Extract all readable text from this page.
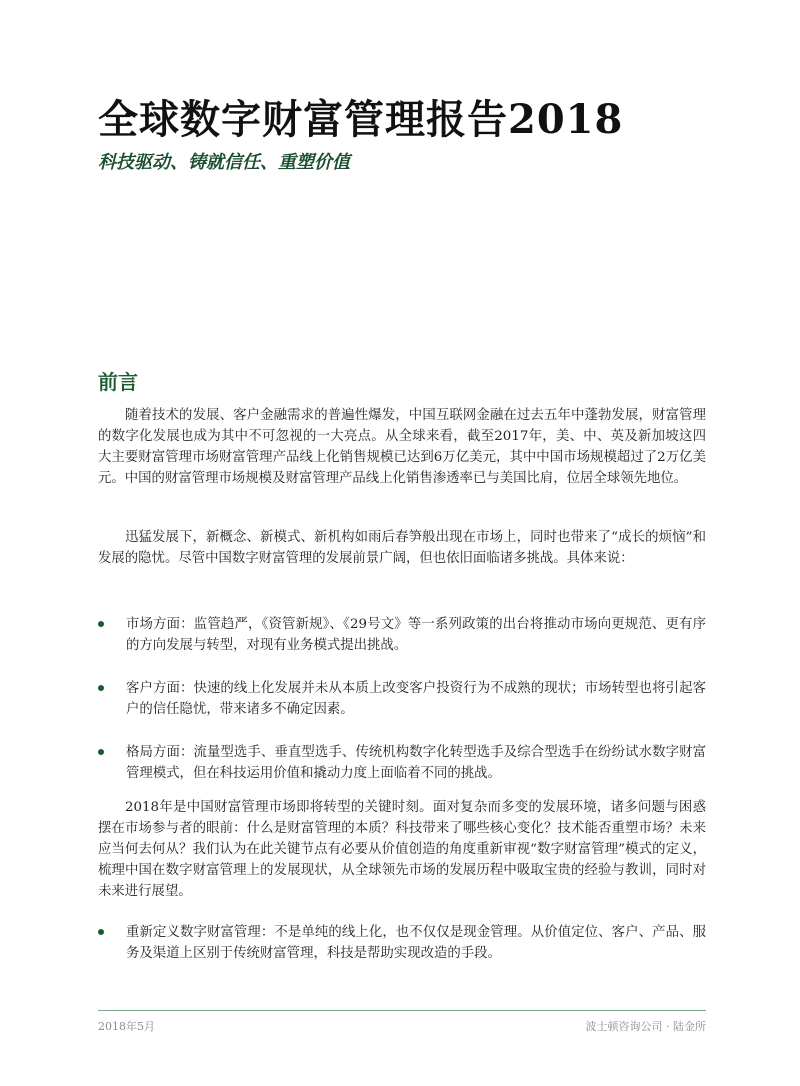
全球数字财富管理报告2018
科技驱动、铸就信任、重塑价值
前言

随着技术的发展、客户金融需求的普遍性爆发，中国互联网金融在过去五年中蓬勃发展，财富管理的数字化发展也成为其中不可忽视的一大亮点。从全球来看，截至2017年，美、中、英及新加坡这四大主要财富管理市场财富管理产品线上化销售规模已达到6万亿美元，其中中国市场规模超过了2万亿美元。中国的财富管理市场规模及财富管理产品线上化销售渗透率已与美国比肩，位居全球领先地位。

迅猛发展下，新概念、新模式、新机构如雨后春笋般出现在市场上，同时也带来了“成长的烦恼”和发展的隐忧。尽管中国数字财富管理的发展前景广阔，但也依旧面临诸多挑战。具体来说：

市场方面：监管趋严，《资管新规》、《29号文》等一系列政策的出台将推动市场向更规范、更有序的方向发展与转型，对现有业务模式提出挑战。
客户方面：快速的线上化发展并未从本质上改变客户投资行为不成熟的现状；市场转型也将引起客户的信任隐忧，带来诸多不确定因素。
格局方面：流量型选手、垂直型选手、传统机构数字化转型选手及综合型选手在纷纷试水数字财富管理模式，但在科技运用价值和撬动力度上面临着不同的挑战。

2018年是中国财富管理市场即将转型的关键时刻。面对复杂而多变的发展环境，诸多问题与困惑摆在市场参与者的眼前：什么是财富管理的本质？科技带来了哪些核心变化？技术能否重塑市场？未来应当何去何从？我们认为在此关键节点有必要从价值创造的角度重新审视“数字财富管理”模式的定义，梳理中国在数字财富管理上的发展现状，从全球领先市场的发展历程中吸取宝贵的经验与教训，同时对未来进行展望。

重新定义数字财富管理：不是单纯的线上化，也不仅仅是现金管理。从价值定位、客户、产品、服务及渠道上区别于传统财富管理，科技是帮助实现改造的手段。
2018年5月	波士顿咨询公司 · 陆金所
